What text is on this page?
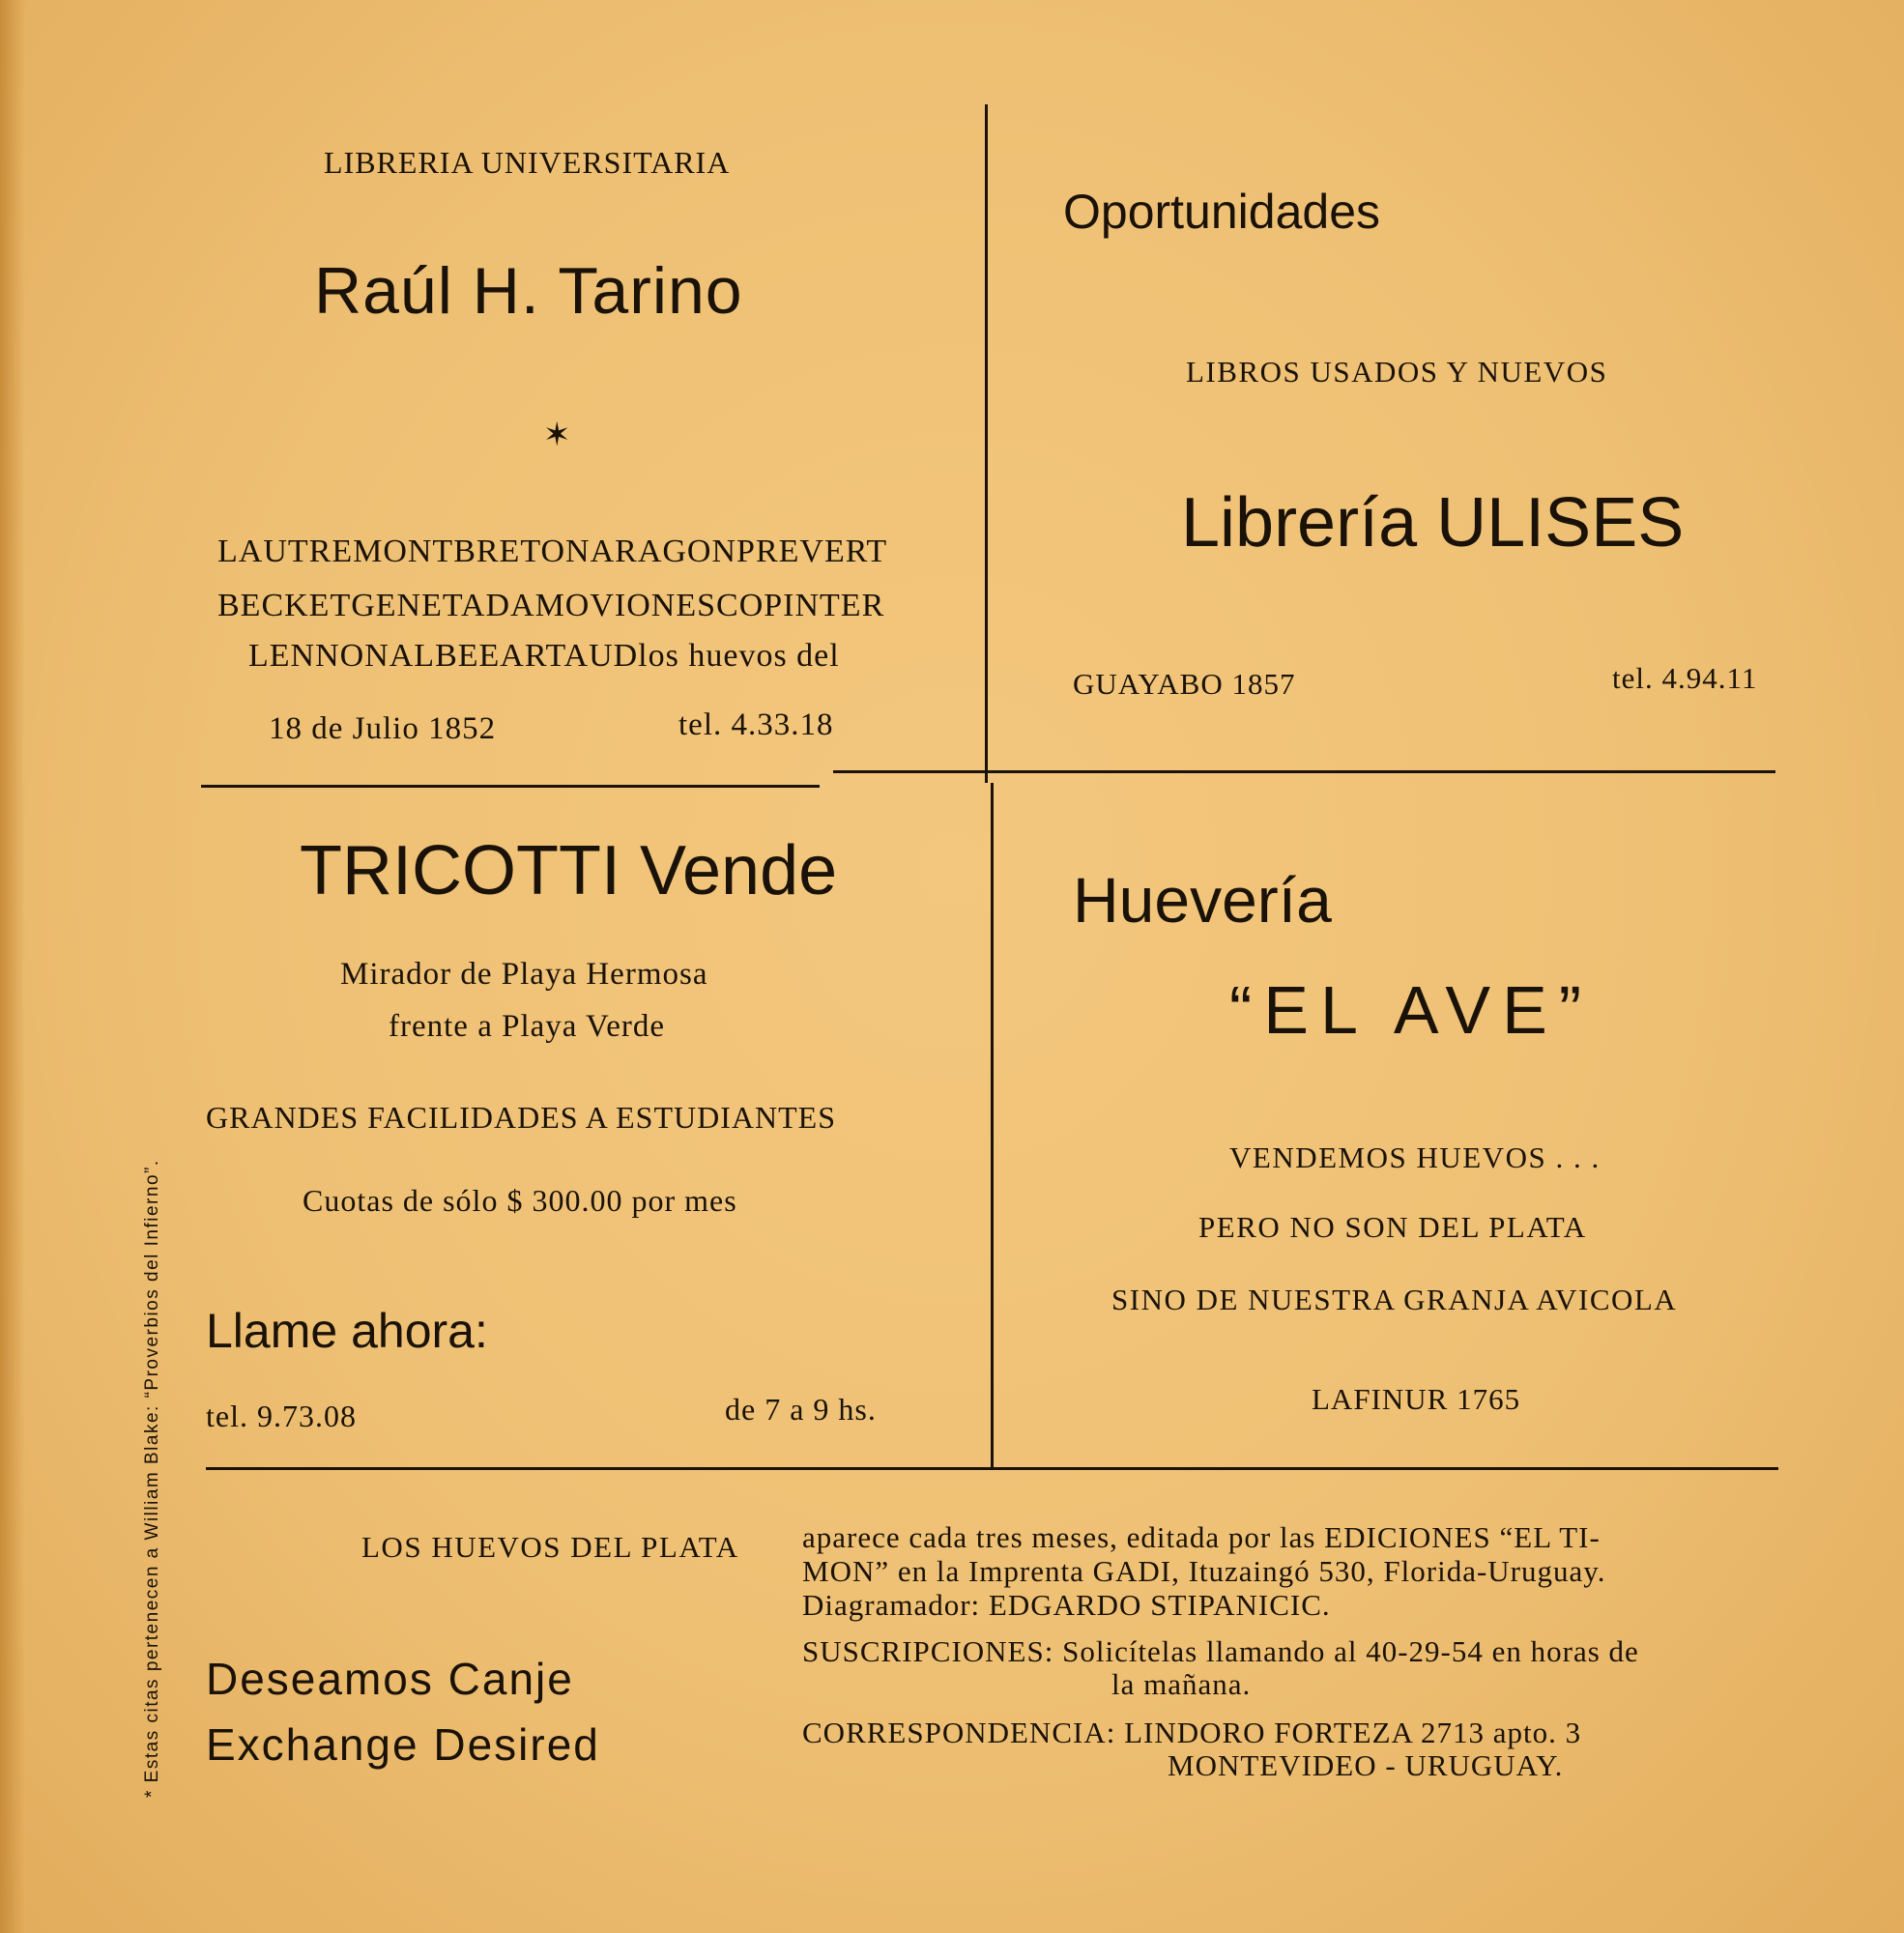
LIBRERIA UNIVERSITARIA
Raúl H. Tarino
✶
LAUTREMONTBRETONARAGONPREVERT
BECKETGENETADAMOVIONESCOPINTER
LENNONALBEEARTAUDlos huevos del
18 de Julio 1852	tel. 4.33.18
Oportunidades
LIBROS USADOS Y NUEVOS
Librería ULISES
GUAYABO 1857	tel. 4.94.11
TRICOTTI Vende
Mirador de Playa Hermosa
frente a Playa Verde
GRANDES FACILIDADES A ESTUDIANTES
Cuotas de sólo $ 300.00 por mes
Llame ahora:
tel. 9.73.08	de 7 a 9 hs.
Huevería
“EL AVE”
VENDEMOS HUEVOS . . .
PERO NO SON DEL PLATA
SINO DE NUESTRA GRANJA AVICOLA
LAFINUR 1765
LOS HUEVOS DEL PLATA aparece cada tres meses, editada por las EDICIONES “EL TI-
MON” en la Imprenta GADI, Ituzaingó 530, Florida-Uruguay.
Diagramador: EDGARDO STIPANICIC.
SUSCRIPCIONES: Solicítelas llamando al 40-29-54 en horas de
la mañana.
CORRESPONDENCIA: LINDORO FORTEZA 2713 apto. 3
MONTEVIDEO - URUGUAY.
Deseamos Canje
Exchange Desired
* Estas citas pertenecen a William Blake: “Proverbios del Infierno”.
